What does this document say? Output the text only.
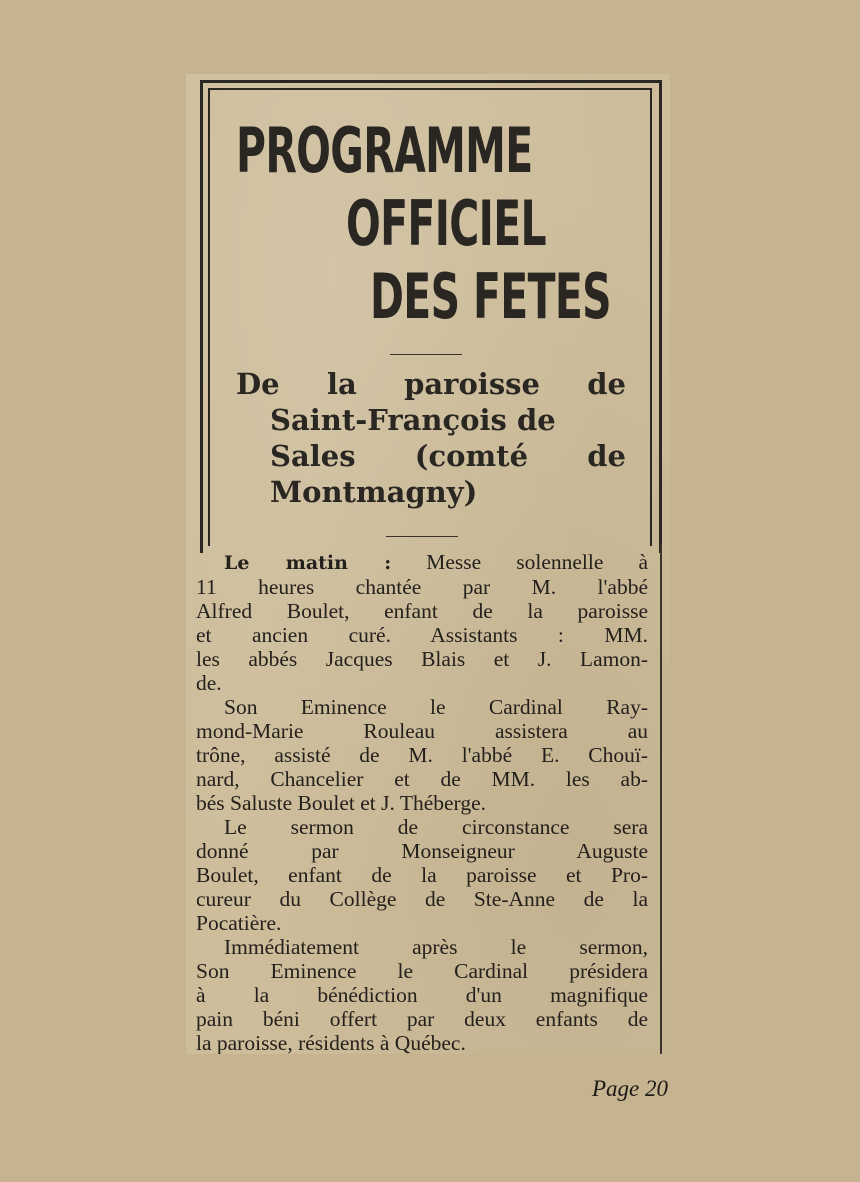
PROGRAMME
OFFICIEL
DES FETES
De la paroisse de
Saint-François de
Sales (comté de
Montmagny)
Le matin : Messe solennelle à
11 heures chantée par M. l'abbé
Alfred Boulet, enfant de la paroisse
et ancien curé. Assistants : MM.
les abbés Jacques Blais et J. Lamon-
de.
Son Eminence le Cardinal Ray-
mond-Marie Rouleau assistera au
trône, assisté de M. l'abbé E. Chouï-
nard, Chancelier et de MM. les ab-
bés Saluste Boulet et J. Théberge.
Le sermon de circonstance sera
donné par Monseigneur Auguste
Boulet, enfant de la paroisse et Pro-
cureur du Collège de Ste-Anne de la
Pocatière.
Immédiatement après le sermon,
Son Eminence le Cardinal présidera
à la bénédiction d'un magnifique
pain béni offert par deux enfants de
la paroisse, résidents à Québec.
Page 20
